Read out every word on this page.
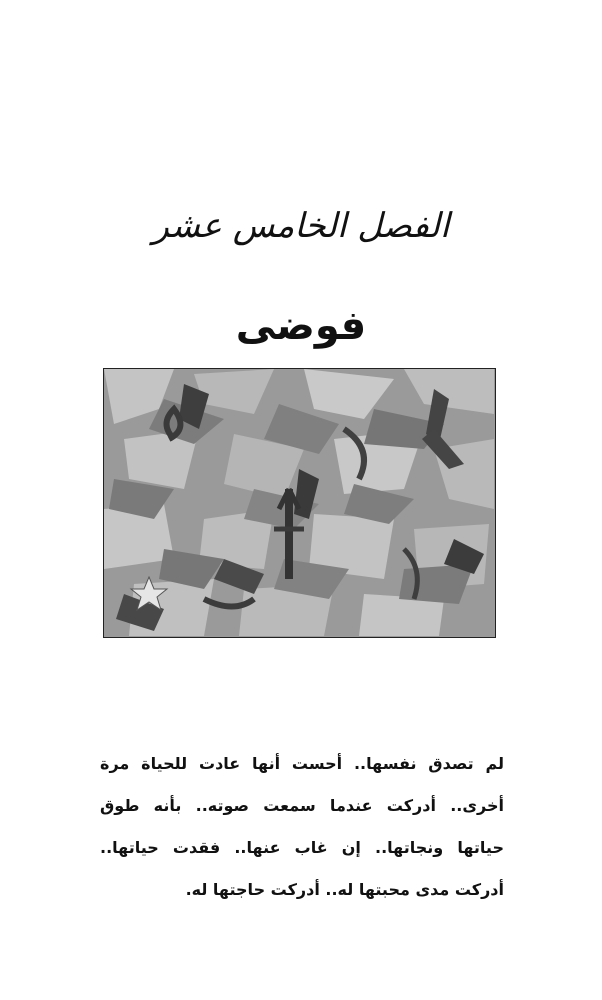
الفصل الخامس عشر
فوضى

لم تصدق نفسها.. أحست أنها عادت للحياة مرة أخرى.. أدركت عندما سمعت صوته.. بأنه طوق حياتها ونجاتها.. إن غاب عنها.. فقدت حياتها.. أدركت مدى محبتها له.. أدركت حاجتها له.
